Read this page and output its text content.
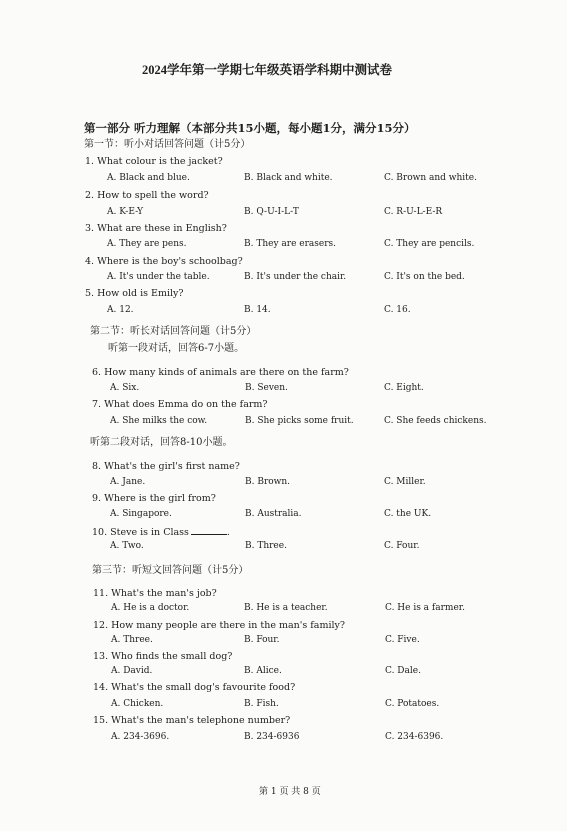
2024学年第一学期七年级英语学科期中测试卷
第一部分 听力理解（本部分共15小题，每小题1分，满分15分）
第一节：听小对话回答问题（计5分）
1. What colour is the jacket?
A. Black and blue.	B. Black and white.	C. Brown and white.
2. How to spell the word?
A. K-E-Y	B. Q-U-I-L-T	C. R-U-L-E-R
3. What are these in English?
A. They are pens.	B. They are erasers.	C. They are pencils.
4. Where is the boy's schoolbag?
A. It's under the table.	B. It's under the chair.	C. It's on the bed.
5. How old is Emily?
A. 12.	B. 14.	C. 16.
第二节：听长对话回答问题（计5分）
听第一段对话，回答6-7小题。
6. How many kinds of animals are there on the farm?
A. Six.	B. Seven.	C. Eight.
7. What does Emma do on the farm?
A. She milks the cow.	B. She picks some fruit.	C. She feeds chickens.
听第二段对话，回答8-10小题。
8. What's the girl's first name?
A. Jane.	B. Brown.	C. Miller.
9. Where is the girl from?
A. Singapore.	B. Australia.	C. the UK.
10. Steve is in Class	.
A. Two.	B. Three.	C. Four.
第三节：听短文回答问题（计5分）
11. What's the man's job?
A. He is a doctor.	B. He is a teacher.	C. He is a farmer.
12. How many people are there in the man's family?
A. Three.	B. Four.	C. Five.
13. Who finds the small dog?
A. David.	B. Alice.	C. Dale.
14. What's the small dog's favourite food?
A. Chicken.	B. Fish.	C. Potatoes.
15. What's the man's telephone number?
A. 234-3696.	B. 234-6936	C. 234-6396.
第 1 页 共 8 页
